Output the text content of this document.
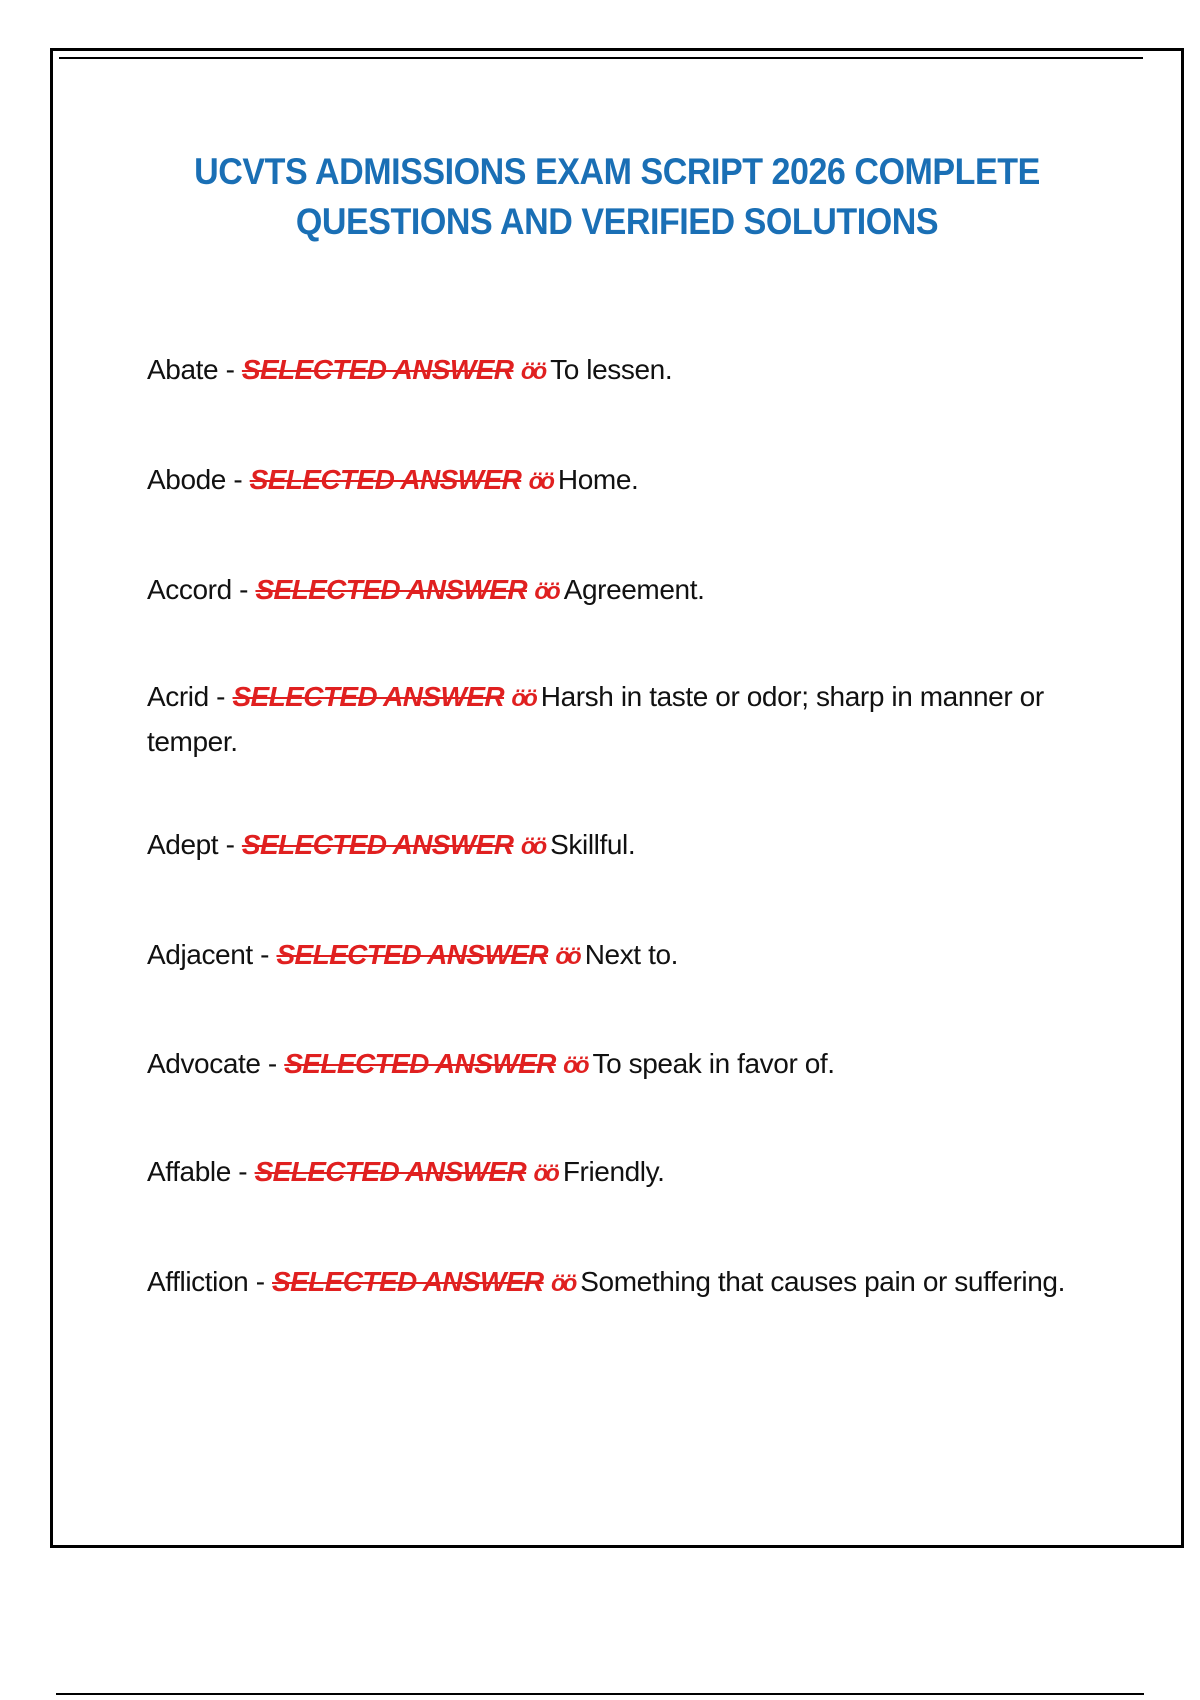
UCVTS ADMISSIONS EXAM SCRIPT 2026 COMPLETE
QUESTIONS AND VERIFIED SOLUTIONS
Abate - SELECTED ANSWER öö To lessen.
Abode - SELECTED ANSWER öö Home.
Accord - SELECTED ANSWER öö Agreement.
Acrid - SELECTED ANSWER öö Harsh in taste or odor; sharp in manner or temper.
Adept - SELECTED ANSWER öö Skillful.
Adjacent - SELECTED ANSWER öö Next to.
Advocate - SELECTED ANSWER öö To speak in favor of.
Affable - SELECTED ANSWER öö Friendly.
Affliction - SELECTED ANSWER öö Something that causes pain or suffering.
